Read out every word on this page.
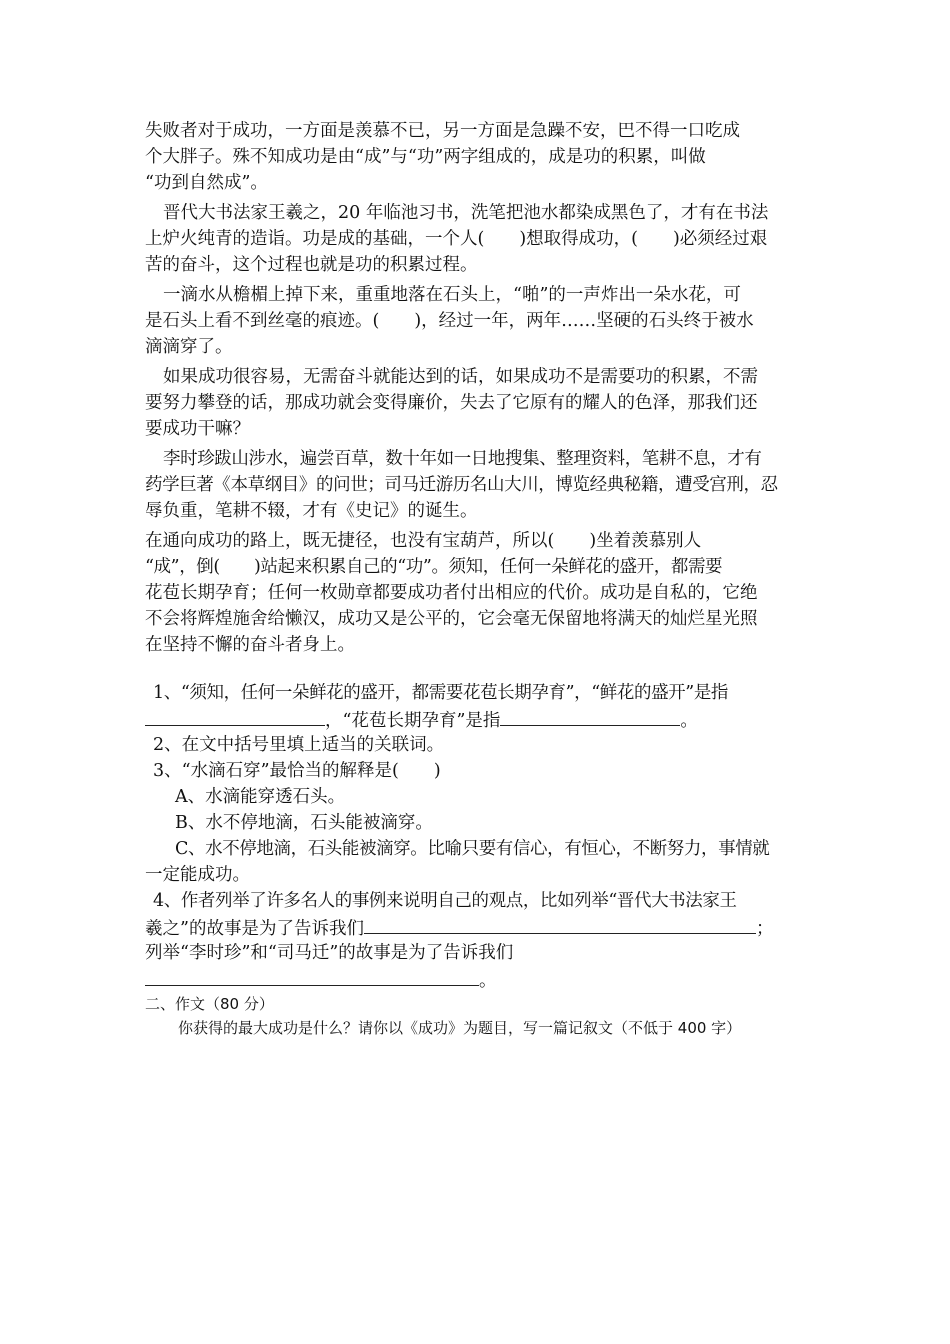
失败者对于成功，一方面是羡慕不已，另一方面是急躁不安，巴不得一口吃成
个大胖子。殊不知成功是由“成”与“功”两字组成的，成是功的积累，叫做
“功到自然成”。
晋代大书法家王羲之，20 年临池习书，洗笔把池水都染成黑色了，才有在书法
上炉火纯青的造诣。功是成的基础，一个人(　　)想取得成功，(　　)必须经过艰
苦的奋斗，这个过程也就是功的积累过程。
一滴水从檐楣上掉下来，重重地落在石头上，“啪”的一声炸出一朵水花，可
是石头上看不到丝毫的痕迹。(　　)，经过一年，两年……坚硬的石头终于被水
滴滴穿了。
如果成功很容易，无需奋斗就能达到的话，如果成功不是需要功的积累，不需
要努力攀登的话，那成功就会变得廉价，失去了它原有的耀人的色泽，那我们还
要成功干嘛？
李时珍跋山涉水，遍尝百草，数十年如一日地搜集、整理资料，笔耕不息，才有
药学巨著《本草纲目》的问世；司马迁游历名山大川，博览经典秘籍，遭受宫刑，忍
辱负重，笔耕不辍，才有《史记》的诞生。
在通向成功的路上，既无捷径，也没有宝葫芦，所以(　　)坐着羡慕别人
“成”，倒(　　)站起来积累自己的“功”。须知，任何一朵鲜花的盛开，都需要
花苞长期孕育；任何一枚勋章都要成功者付出相应的代价。成功是自私的，它绝
不会将辉煌施舍给懒汉，成功又是公平的，它会毫无保留地将满天的灿烂星光照
在坚持不懈的奋斗者身上。
1、“须知，任何一朵鲜花的盛开，都需要花苞长期孕育”，“鲜花的盛开”是指
，“花苞长期孕育”是指	。
2、在文中括号里填上适当的关联词。
3、“水滴石穿”最恰当的解释是(　　)
A、水滴能穿透石头。
B、水不停地滴，石头能被滴穿。
C、水不停地滴，石头能被滴穿。比喻只要有信心，有恒心，不断努力，事情就
一定能成功。
4、作者列举了许多名人的事例来说明自己的观点，比如列举“晋代大书法家王
羲之”的故事是为了告诉我们	；
列举“李时珍”和“司马迁”的故事是为了告诉我们
。
二、作文（80 分）
你获得的最大成功是什么？请你以《成功》为题目，写一篇记叙文（不低于 400 字）
